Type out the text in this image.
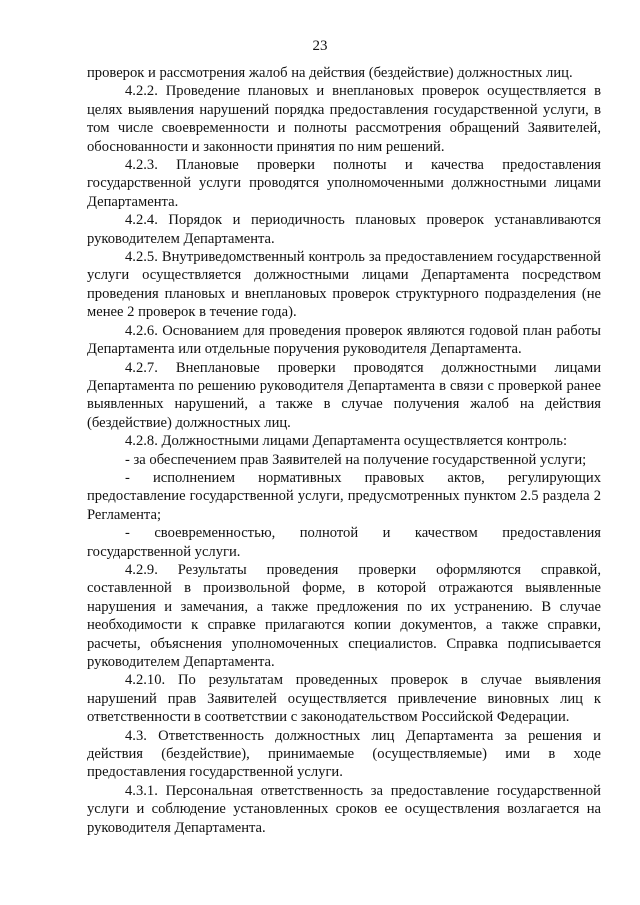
23

проверок и рассмотрения жалоб на действия (бездействие) должностных лиц.

4.2.2. Проведение плановых и внеплановых проверок осуществляется в целях выявления нарушений порядка предоставления государственной услуги, в том числе своевременности и полноты рассмотрения обращений Заявителей, обоснованности и законности принятия по ним решений.

4.2.3. Плановые проверки полноты и качества предоставления государственной услуги проводятся уполномоченными должностными лицами Департамента.

4.2.4. Порядок и периодичность плановых проверок устанавливаются руководителем Департамента.

4.2.5. Внутриведомственный контроль за предоставлением государственной услуги осуществляется должностными лицами Департамента посредством проведения плановых и внеплановых проверок структурного подразделения (не менее 2 проверок в течение года).

4.2.6. Основанием для проведения проверок являются годовой план работы Департамента или отдельные поручения руководителя Департамента.

4.2.7. Внеплановые проверки проводятся должностными лицами Департамента по решению руководителя Департамента в связи с проверкой ранее выявленных нарушений, а также в случае получения жалоб на действия (бездействие) должностных лиц.

4.2.8. Должностными лицами Департамента осуществляется контроль:

- за обеспечением прав Заявителей на получение государственной услуги;

- исполнением нормативных правовых актов, регулирующих предоставление государственной услуги, предусмотренных пунктом 2.5 раздела 2 Регламента;

- своевременностью, полнотой и качеством предоставления государственной услуги.

4.2.9. Результаты проведения проверки оформляются справкой, составленной в произвольной форме, в которой отражаются выявленные нарушения и замечания, а также предложения по их устранению. В случае необходимости к справке прилагаются копии документов, а также справки, расчеты, объяснения уполномоченных специалистов. Справка подписывается руководителем Департамента.

4.2.10. По результатам проведенных проверок в случае выявления нарушений прав Заявителей осуществляется привлечение виновных лиц к ответственности в соответствии с законодательством Российской Федерации.

4.3. Ответственность должностных лиц Департамента за решения и действия (бездействие), принимаемые (осуществляемые) ими в ходе предоставления государственной услуги.

4.3.1. Персональная ответственность за предоставление государственной услуги и соблюдение установленных сроков ее осуществления возлагается на руководителя Департамента.
